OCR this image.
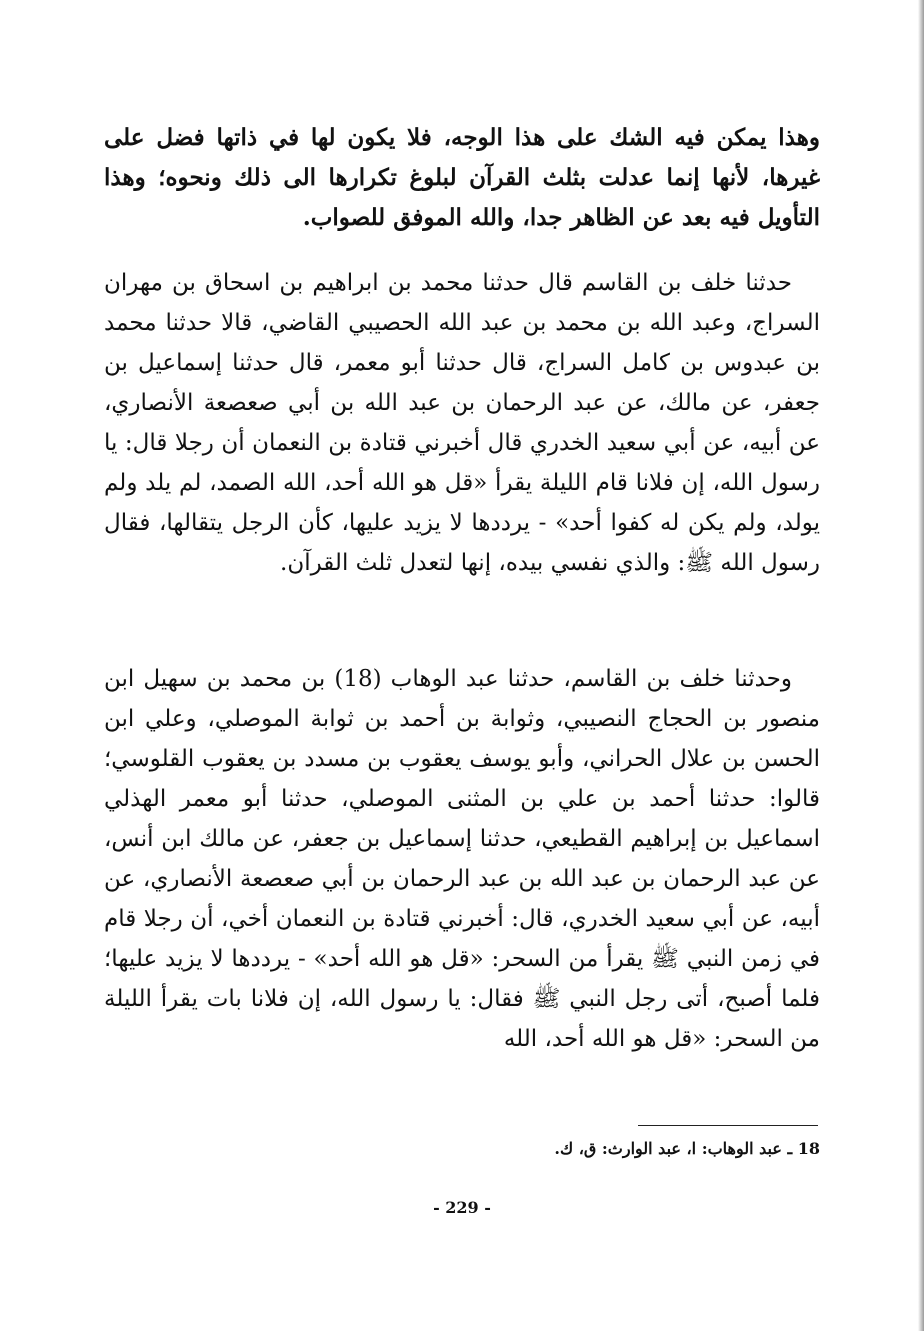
وهذا يمكن فيه الشك على هذا الوجه، فلا يكون لها في ذاتها فضل على غيرها، لأنها إنما عدلت بثلث القرآن لبلوغ تكرارها الى ذلك ونحوه؛ وهذا التأويل فيه بعد عن الظاهر جدا، والله الموفق للصواب.

حدثنا خلف بن القاسم قال حدثنا محمد بن ابراهيم بن اسحاق بن مهران السراج، وعبد الله بن محمد بن عبد الله الحصيبي القاضي، قالا حدثنا محمد بن عبدوس بن كامل السراج، قال حدثنا أبو معمر، قال حدثنا إسماعيل بن جعفر، عن مالك، عن عبد الرحمان بن عبد الله بن أبي صعصعة الأنصاري، عن أبيه، عن أبي سعيد الخدري قال أخبرني قتادة بن النعمان أن رجلا قال: يا رسول الله، إن فلانا قام الليلة يقرأ «قل هو الله أحد، الله الصمد، لم يلد ولم يولد، ولم يكن له كفوا أحد» - يرددها لا يزيد عليها، كأن الرجل يتقالها، فقال رسول الله ﷺ: والذي نفسي بيده، إنها لتعدل ثلث القرآن.

وحدثنا خلف بن القاسم، حدثنا عبد الوهاب (18) بن محمد بن سهيل ابن منصور بن الحجاج النصيبي، وثوابة بن أحمد بن ثوابة الموصلي، وعلي ابن الحسن بن علال الحراني، وأبو يوسف يعقوب بن مسدد بن يعقوب القلوسي؛ قالوا: حدثنا أحمد بن علي بن المثنى الموصلي، حدثنا أبو معمر الهذلي اسماعيل بن إبراهيم القطيعي، حدثنا إسماعيل بن جعفر، عن مالك ابن أنس، عن عبد الرحمان بن عبد الله بن عبد الرحمان بن أبي صعصعة الأنصاري، عن أبيه، عن أبي سعيد الخدري، قال: أخبرني قتادة بن النعمان أخي، أن رجلا قام في زمن النبي ﷺ يقرأ من السحر: «قل هو الله أحد» - يرددها لا يزيد عليها؛ فلما أصبح، أتى رجل النبي ﷺ فقال: يا رسول الله، إن فلانا بات يقرأ الليلة من السحر: «قل هو الله أحد، الله

18 ـ عبد الوهاب: ا، عبد الوارث: ق، ك.
- 229 -
